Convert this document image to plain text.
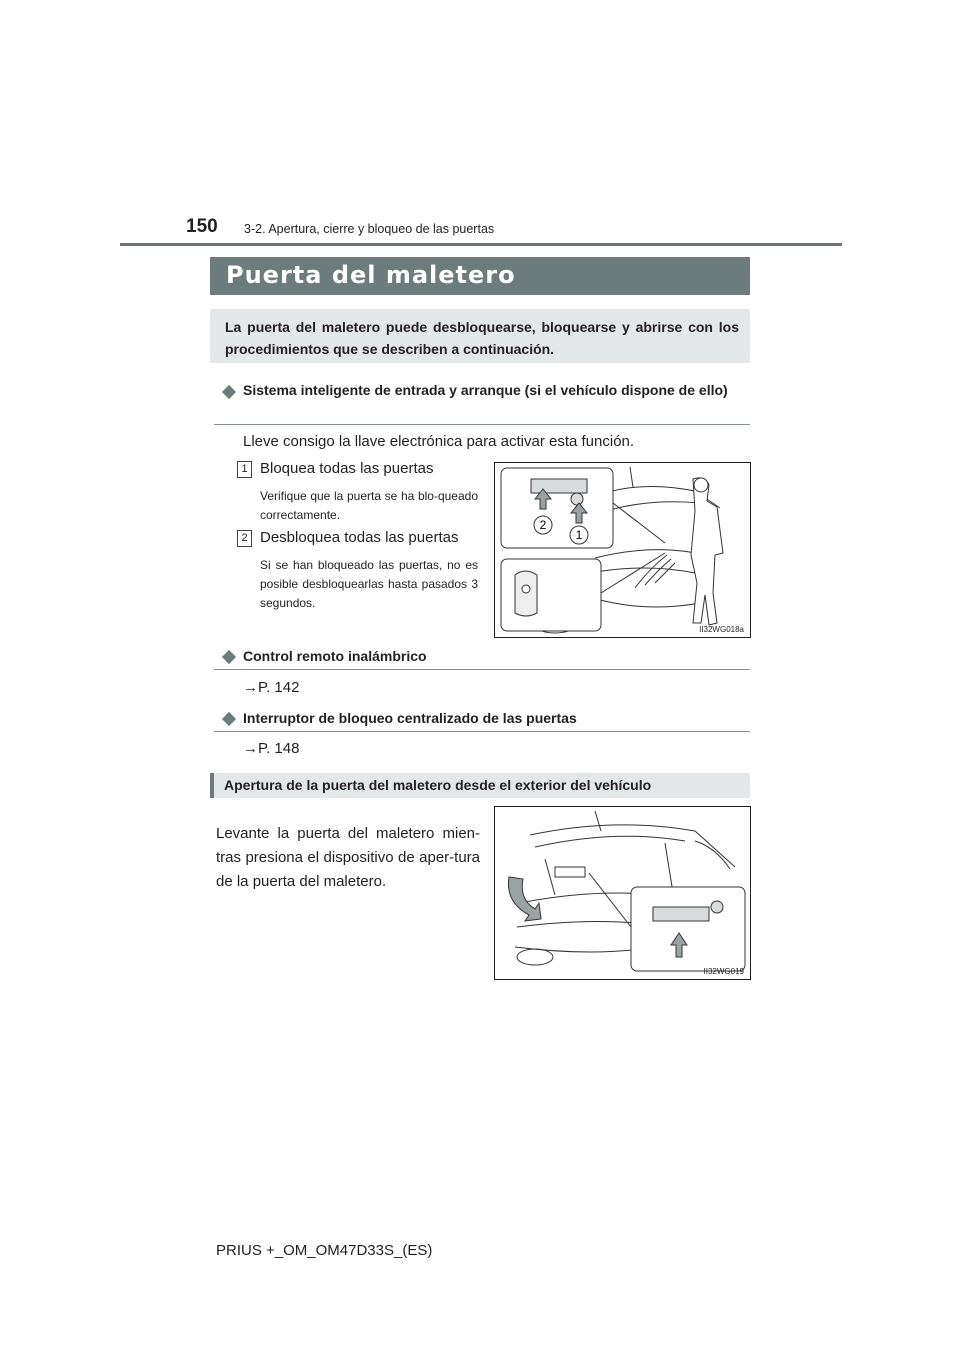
150 3-2. Apertura, cierre y bloqueo de las puertas
Puerta del maletero
La puerta del maletero puede desbloquearse, bloquearse y abrirse con los procedimientos que se describen a continuación.
Sistema inteligente de entrada y arranque (si el vehículo dispone de ello)
Lleve consigo la llave electrónica para activar esta función.
1 Bloquea todas las puertas
Verifique que la puerta se ha blo-queado correctamente.
2 Desbloquea todas las puertas
Si se han bloqueado las puertas, no es posible desbloquearlas hasta pasados 3 segundos.
2
1
II32WG018a
Control remoto inalámbrico
→ P. 142
Interruptor de bloqueo centralizado de las puertas
→ P. 148
Apertura de la puerta del maletero desde el exterior del vehículo
Levante la puerta del maletero mien-tras presiona el dispositivo de aper-tura de la puerta del maletero.
II32WG019
PRIUS +_OM_OM47D33S_(ES)
